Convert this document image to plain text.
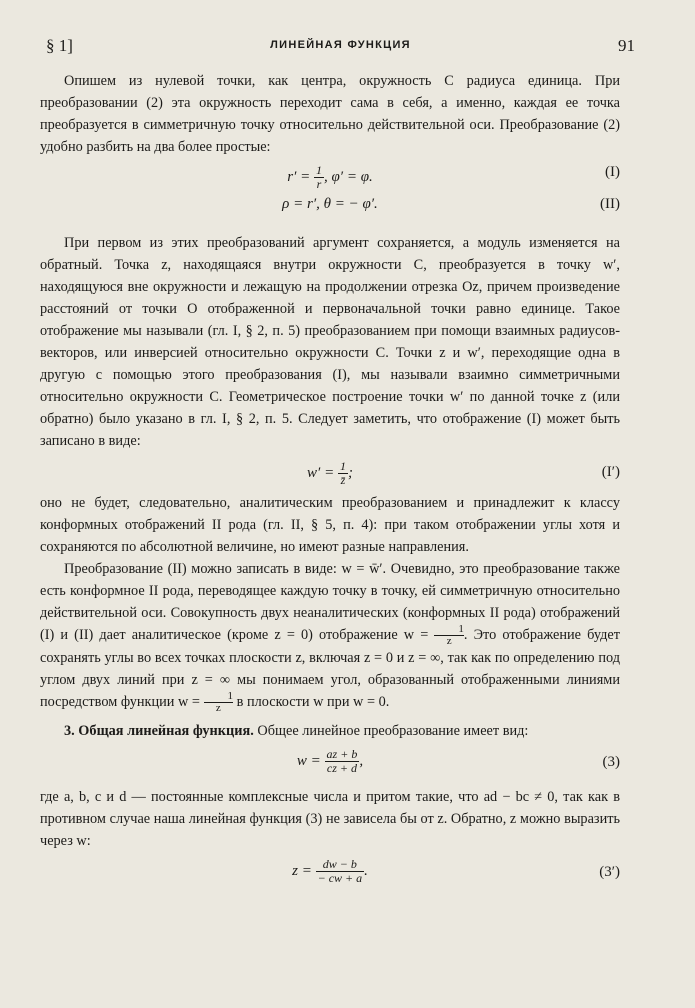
§ 1]	ЛИНЕЙНАЯ ФУНКЦИЯ	91

Опишем из нулевой точки, как центра, окружность C радиуса единица. При преобразовании (2) эта окружность переходит сама в себя, а именно, каждая ее точка преобразуется в симметричную точку относительно действительной оси. Преобразование (2) удобно разбить на два более простые:

$r' = \frac{1}{r}$ , φ′ = φ.	(I)
ρ = r′, θ = − φ′.	(II)

При первом из этих преобразований аргумент сохраняется, а модуль изменяется на обратный. Точка z, находящаяся внутри окружности C, преобразуется в точку w′, находящуюся вне окружности и лежащую на продолжении отрезка Oz, причем произведение расстояний от точки O отображенной и первоначальной точки равно единице. Такое отображение мы называли (гл. I, § 2, п. 5) преобразованием при помощи взаимных радиусов-векторов, или инверсией относительно окружности C. Точки z и w′, переходящие одна в другую с помощью этого преобразования (I), мы называли взаимно симметричными относительно окружности C. Геометрическое построение точки w′ по данной точке z (или обратно) было указано в гл. I, § 2, п. 5. Следует заметить, что отображение (I) может быть записано в виде:

$w' = \frac{1}{z̄}$ ;	(I′)

оно не будет, следовательно, аналитическим преобразованием и принадлежит к классу конформных отображений II рода (гл. II, § 5, п. 4): при таком отображении углы хотя и сохраняются по абсолютной величине, но имеют разные направления.

Преобразование (II) можно записать в виде: w = w̄′. Очевидно, это преобразование также есть конформное II рода, переводящее каждую точку в точку, ей симметричную относительно действительной оси. Совокупность двух неаналитических (конформных II рода) отображений (I) и (II) дает аналитическое (кроме z = 0) отображение $w = \frac{1}{z}$. Это отображение будет сохранять углы во всех точках плоскости z, включая z = 0 и z = ∞, так как по определению под углом двух линий при z = ∞ мы понимаем угол, образованный отображенными линиями посредством функции $w = \frac{1}{z}$ в плоскости w при w = 0.

3. Общая линейная функция. Общее линейное преобразование имеет вид:

$w = \frac{az + b}{cz + d}$ ,	(3)

где a, b, c и d — постоянные комплексные числа и притом такие, что ad − bc ≠ 0, так как в противном случае наша линейная функция (3) не зависела бы от z. Обратно, z можно выразить через w:

$z = \frac{dw - b}{- cw + a}$ .	(3′)
